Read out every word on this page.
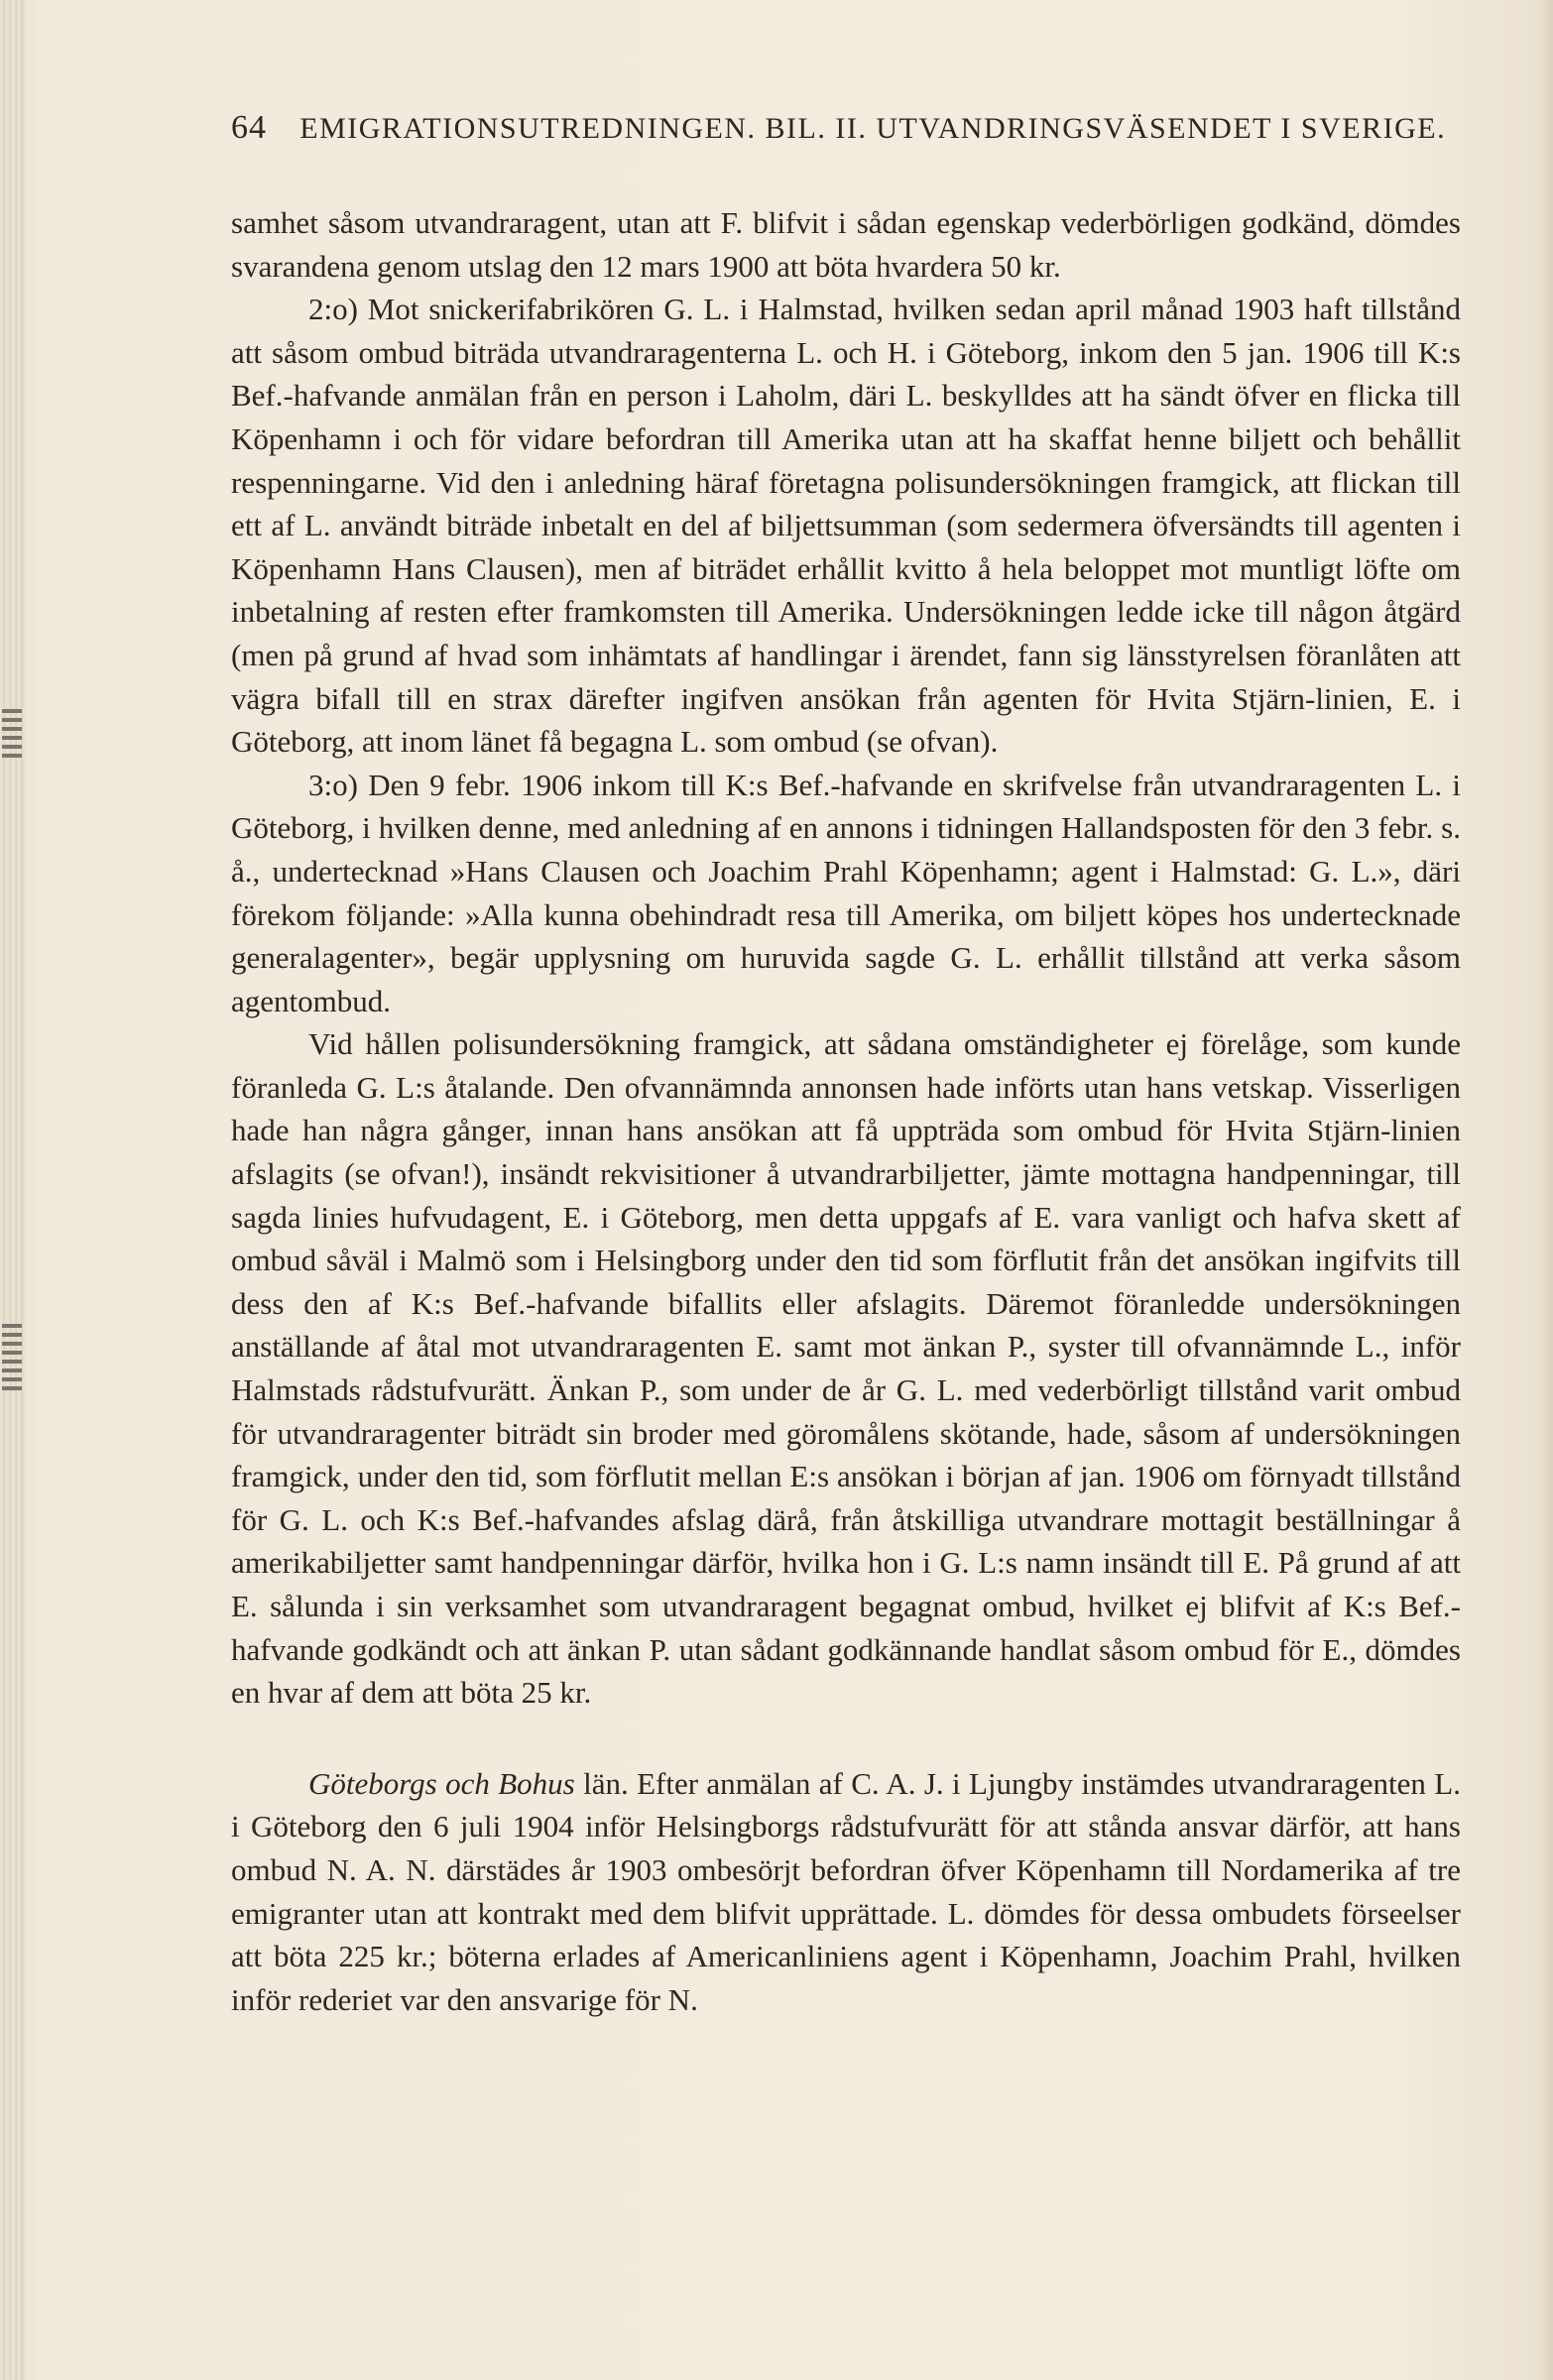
64 EMIGRATIONSUTREDNINGEN. BIL. II. UTVANDRINGSVÄSENDET I SVERIGE.

samhet såsom utvandraragent, utan att F. blifvit i sådan egenskap vederbörligen godkänd, dömdes svarandena genom utslag den 12 mars 1900 att böta hvardera 50 kr.

2:o) Mot snickerifabrikören G. L. i Halmstad, hvilken sedan april månad 1903 haft tillstånd att såsom ombud biträda utvandraragenterna L. och H. i Göteborg, inkom den 5 jan. 1906 till K:s Bef.-hafvande anmälan från en person i Laholm, däri L. beskylldes att ha sändt öfver en flicka till Köpenhamn i och för vidare befordran till Amerika utan att ha skaffat henne biljett och behållit respenningarne. Vid den i anledning häraf företagna polisundersökningen framgick, att flickan till ett af L. användt biträde inbetalt en del af biljettsumman (som sedermera öfversändts till agenten i Köpenhamn Hans Clausen), men af biträdet erhållit kvitto å hela beloppet mot muntligt löfte om inbetalning af resten efter framkomsten till Amerika. Undersökningen ledde icke till någon åtgärd (men på grund af hvad som inhämtats af handlingar i ärendet, fann sig länsstyrelsen föranlåten att vägra bifall till en strax därefter ingifven ansökan från agenten för Hvita Stjärn-linien, E. i Göteborg, att inom länet få begagna L. som ombud (se ofvan).

3:o) Den 9 febr. 1906 inkom till K:s Bef.-hafvande en skrifvelse från utvandraragenten L. i Göteborg, i hvilken denne, med anledning af en annons i tidningen Hallandsposten för den 3 febr. s. å., undertecknad »Hans Clausen och Joachim Prahl Köpenhamn; agent i Halmstad: G. L.», däri förekom följande: »Alla kunna obehindradt resa till Amerika, om biljett köpes hos undertecknade generalagenter», begär upplysning om huruvida sagde G. L. erhållit tillstånd att verka såsom agentombud.

Vid hållen polisundersökning framgick, att sådana omständigheter ej förelåge, som kunde föranleda G. L:s åtalande. Den ofvannämnda annonsen hade införts utan hans vetskap. Visserligen hade han några gånger, innan hans ansökan att få uppträda som ombud för Hvita Stjärn-linien afslagits (se ofvan!), insändt rekvisitioner å utvandrarbiljetter, jämte mottagna handpenningar, till sagda linies hufvudagent, E. i Göteborg, men detta uppgafs af E. vara vanligt och hafva skett af ombud såväl i Malmö som i Helsingborg under den tid som förflutit från det ansökan ingifvits till dess den af K:s Bef.-hafvande bifallits eller afslagits. Däremot föranledde undersökningen anställande af åtal mot utvandraragenten E. samt mot änkan P., syster till ofvannämnde L., inför Halmstads rådstufvurätt. Änkan P., som under de år G. L. med vederbörligt tillstånd varit ombud för utvandraragenter biträdt sin broder med göromålens skötande, hade, såsom af undersökningen framgick, under den tid, som förflutit mellan E:s ansökan i början af jan. 1906 om förnyadt tillstånd för G. L. och K:s Bef.-hafvandes afslag därå, från åtskilliga utvandrare mottagit beställningar å amerikabiljetter samt handpenningar därför, hvilka hon i G. L:s namn insändt till E. På grund af att E. sålunda i sin verksamhet som utvandraragent begagnat ombud, hvilket ej blifvit af K:s Bef.-hafvande godkändt och att änkan P. utan sådant godkännande handlat såsom ombud för E., dömdes en hvar af dem att böta 25 kr.

Göteborgs och Bohus län. Efter anmälan af C. A. J. i Ljungby instämdes utvandraragenten L. i Göteborg den 6 juli 1904 inför Helsingborgs rådstufvurätt för att stånda ansvar därför, att hans ombud N. A. N. därstädes år 1903 ombesörjt befordran öfver Köpenhamn till Nordamerika af tre emigranter utan att kontrakt med dem blifvit upprättade. L. dömdes för dessa ombudets förseelser att böta 225 kr.; böterna erlades af Americanliniens agent i Köpenhamn, Joachim Prahl, hvilken inför rederiet var den ansvarige för N.
